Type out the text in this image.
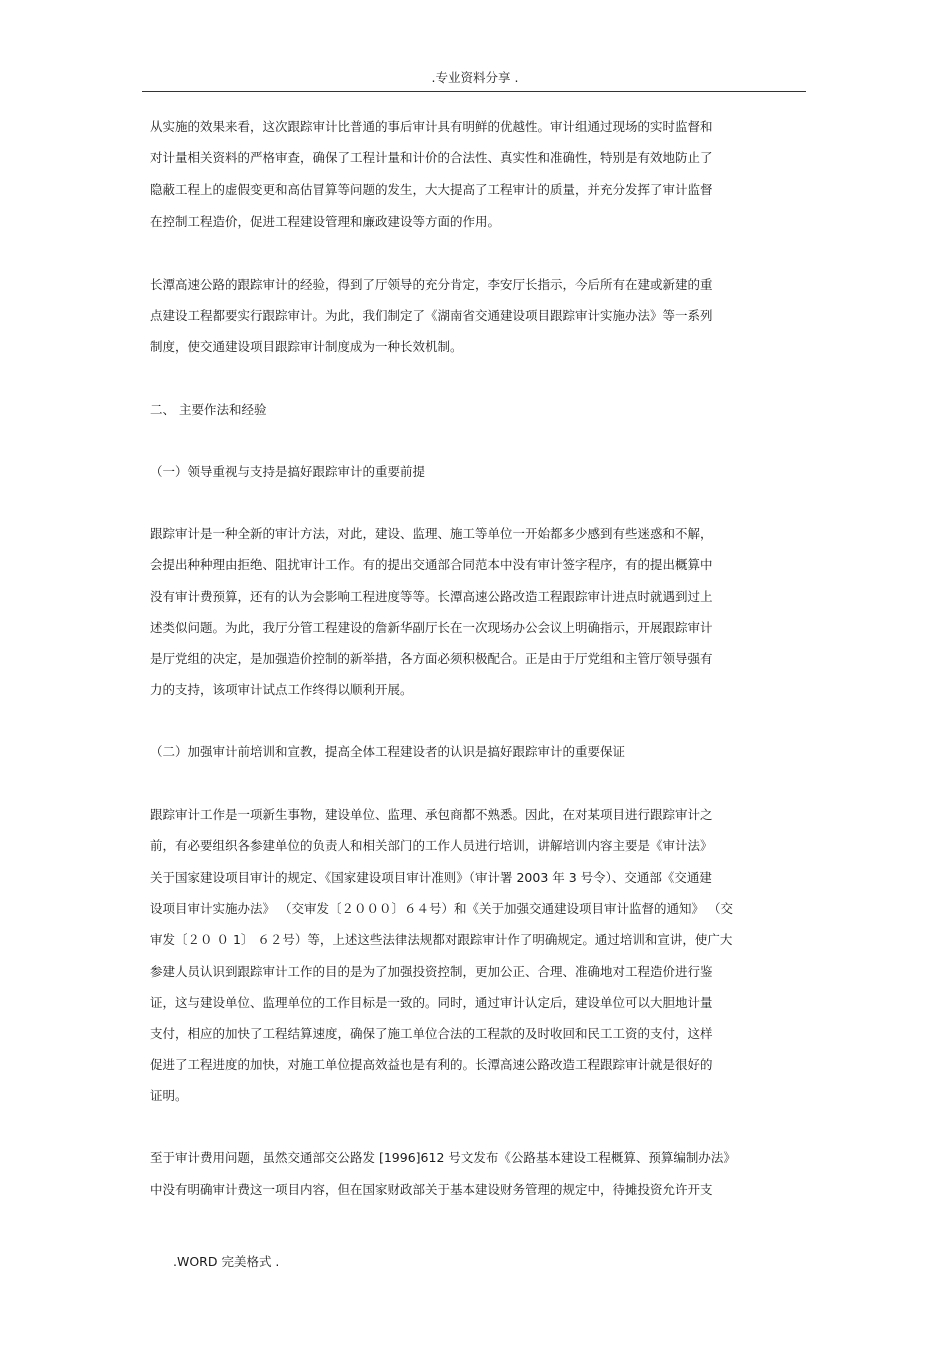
.专业资料分享 .
从实施的效果来看，这次跟踪审计比普通的事后审计具有明鲜的优越性。审计组通过现场的实时监督和
对计量相关资料的严格审查，确保了工程计量和计价的合法性、真实性和准确性，特别是有效地防止了
隐蔽工程上的虚假变更和高估冒算等问题的发生，大大提高了工程审计的质量，并充分发挥了审计监督
在控制工程造价，促进工程建设管理和廉政建设等方面的作用。
长潭高速公路的跟踪审计的经验，得到了厅领导的充分肯定，李安厅长指示，今后所有在建或新建的重
点建设工程都要实行跟踪审计。为此，我们制定了《湖南省交通建设项目跟踪审计实施办法》等一系列
制度，使交通建设项目跟踪审计制度成为一种长效机制。
二、 主要作法和经验
（一）领导重视与支持是搞好跟踪审计的重要前提
跟踪审计是一种全新的审计方法，对此，建设、监理、施工等单位一开始都多少感到有些迷惑和不解，
会提出种种理由拒绝、阻扰审计工作。有的提出交通部合同范本中没有审计签字程序，有的提出概算中
没有审计费预算，还有的认为会影响工程进度等等。长潭高速公路改造工程跟踪审计进点时就遇到过上
述类似问题。为此，我厅分管工程建设的詹新华副厅长在一次现场办公会议上明确指示，开展跟踪审计
是厅党组的决定，是加强造价控制的新举措，各方面必须积极配合。正是由于厅党组和主管厅领导强有
力的支持，该项审计试点工作终得以顺利开展。
（二）加强审计前培训和宣教，提高全体工程建设者的认识是搞好跟踪审计的重要保证
跟踪审计工作是一项新生事物，建设单位、监理、承包商都不熟悉。因此，在对某项目进行跟踪审计之
前，有必要组织各参建单位的负责人和相关部门的工作人员进行培训，讲解培训内容主要是《审计法》
关于国家建设项目审计的规定、《国家建设项目审计准则》（审计署 2003 年 3 号令）、交通部《交通建
设项目审计实施办法》 （交审发〔２０００〕６４号）和《关于加强交通建设项目审计监督的通知》 （交
审发〔２０ ０ 1〕 ６２号）等，上述这些法律法规都对跟踪审计作了明确规定。通过培训和宣讲，使广大
参建人员认识到跟踪审计工作的目的是为了加强投资控制，更加公正、合理、准确地对工程造价进行鉴
证，这与建设单位、监理单位的工作目标是一致的。同时，通过审计认定后，建设单位可以大胆地计量
支付，相应的加快了工程结算速度，确保了施工单位合法的工程款的及时收回和民工工资的支付，这样
促进了工程进度的加快，对施工单位提高效益也是有利的。长潭高速公路改造工程跟踪审计就是很好的
证明。
至于审计费用问题，虽然交通部交公路发 [1996]612 号文发布《公路基本建设工程概算、预算编制办法》
中没有明确审计费这一项目内容，但在国家财政部关于基本建设财务管理的规定中，待摊投资允许开支
.WORD 完美格式 .
